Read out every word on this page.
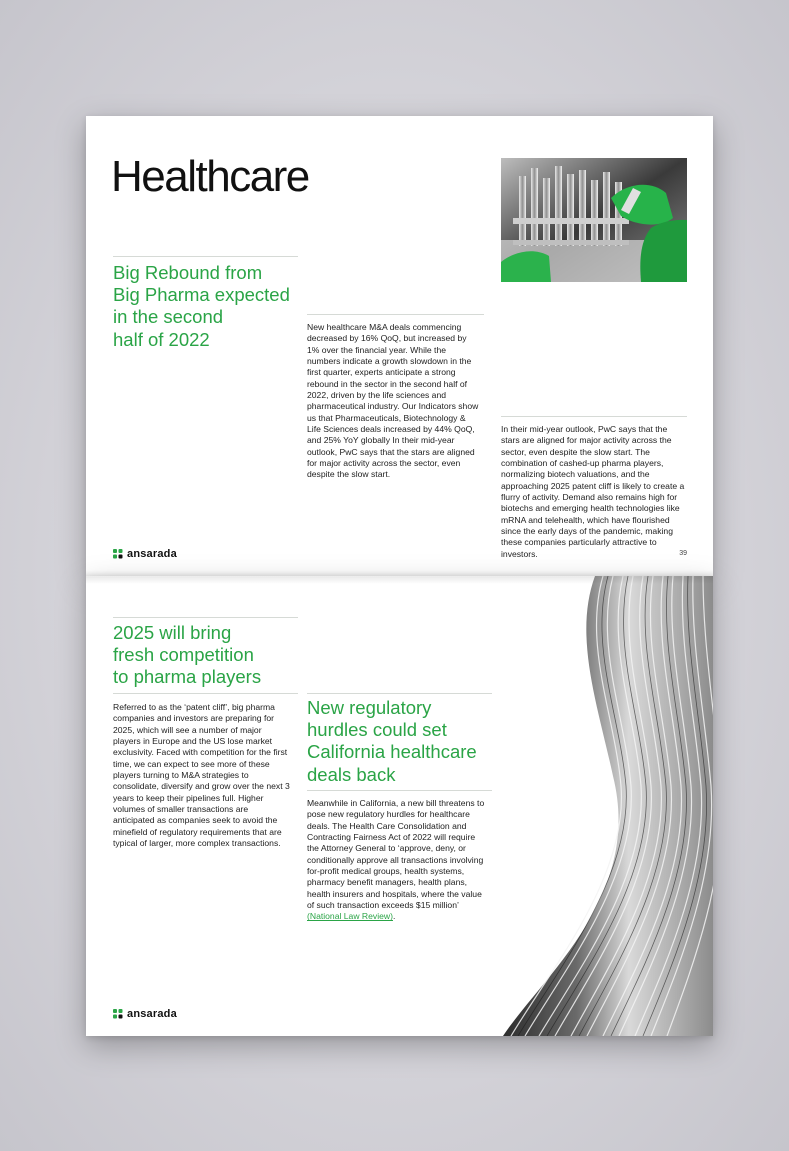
Healthcare
Big Rebound from
Big Pharma expected
in the second
half of 2022

New healthcare M&A deals commencing decreased by 16% QoQ, but increased by 1% over the financial year. While the numbers indicate a growth slowdown in the first quarter, experts anticipate a strong rebound in the sector in the second half of 2022, driven by the life sciences and pharmaceutical industry. Our Indicators show us that Pharmaceuticals, Biotechnology & Life Sciences deals increased by 44% QoQ, and 25% YoY globally In their mid-year outlook, PwC says that the stars are aligned for major activity across the sector, even despite the slow start.

In their mid-year outlook, PwC says that the stars are aligned for major activity across the sector, even despite the slow start. The combination of cashed-up pharma players, normalizing biotech valuations, and the approaching 2025 patent cliff is likely to create a flurry of activity. Demand also remains high for biotechs and emerging health technologies like mRNA and telehealth, which have flourished since the early days of the pandemic, making these companies particularly attractive to investors.

ansarada	39
2025 will bring
fresh competition
to pharma players

Referred to as the ‘patent cliff’, big pharma companies and investors are preparing for 2025, which will see a number of major players in Europe and the US lose market exclusivity. Faced with competition for the first time, we can expect to see more of these players turning to M&A strategies to consolidate, diversify and grow over the next 3 years to keep their pipelines full. Higher volumes of smaller transactions are anticipated as companies seek to avoid the minefield of regulatory requirements that are typical of larger, more complex transactions.

New regulatory
hurdles could set
California healthcare
deals back

Meanwhile in California, a new bill threatens to pose new regulatory hurdles for healthcare deals. The Health Care Consolidation and Contracting Fairness Act of 2022 will require the Attorney General to ‘approve, deny, or conditionally approve all transactions involving for-profit medical groups, health systems, pharmacy benefit managers, health plans, health insurers and hospitals, where the value of such transaction exceeds $15 million’ (National Law Review).

ansarada
